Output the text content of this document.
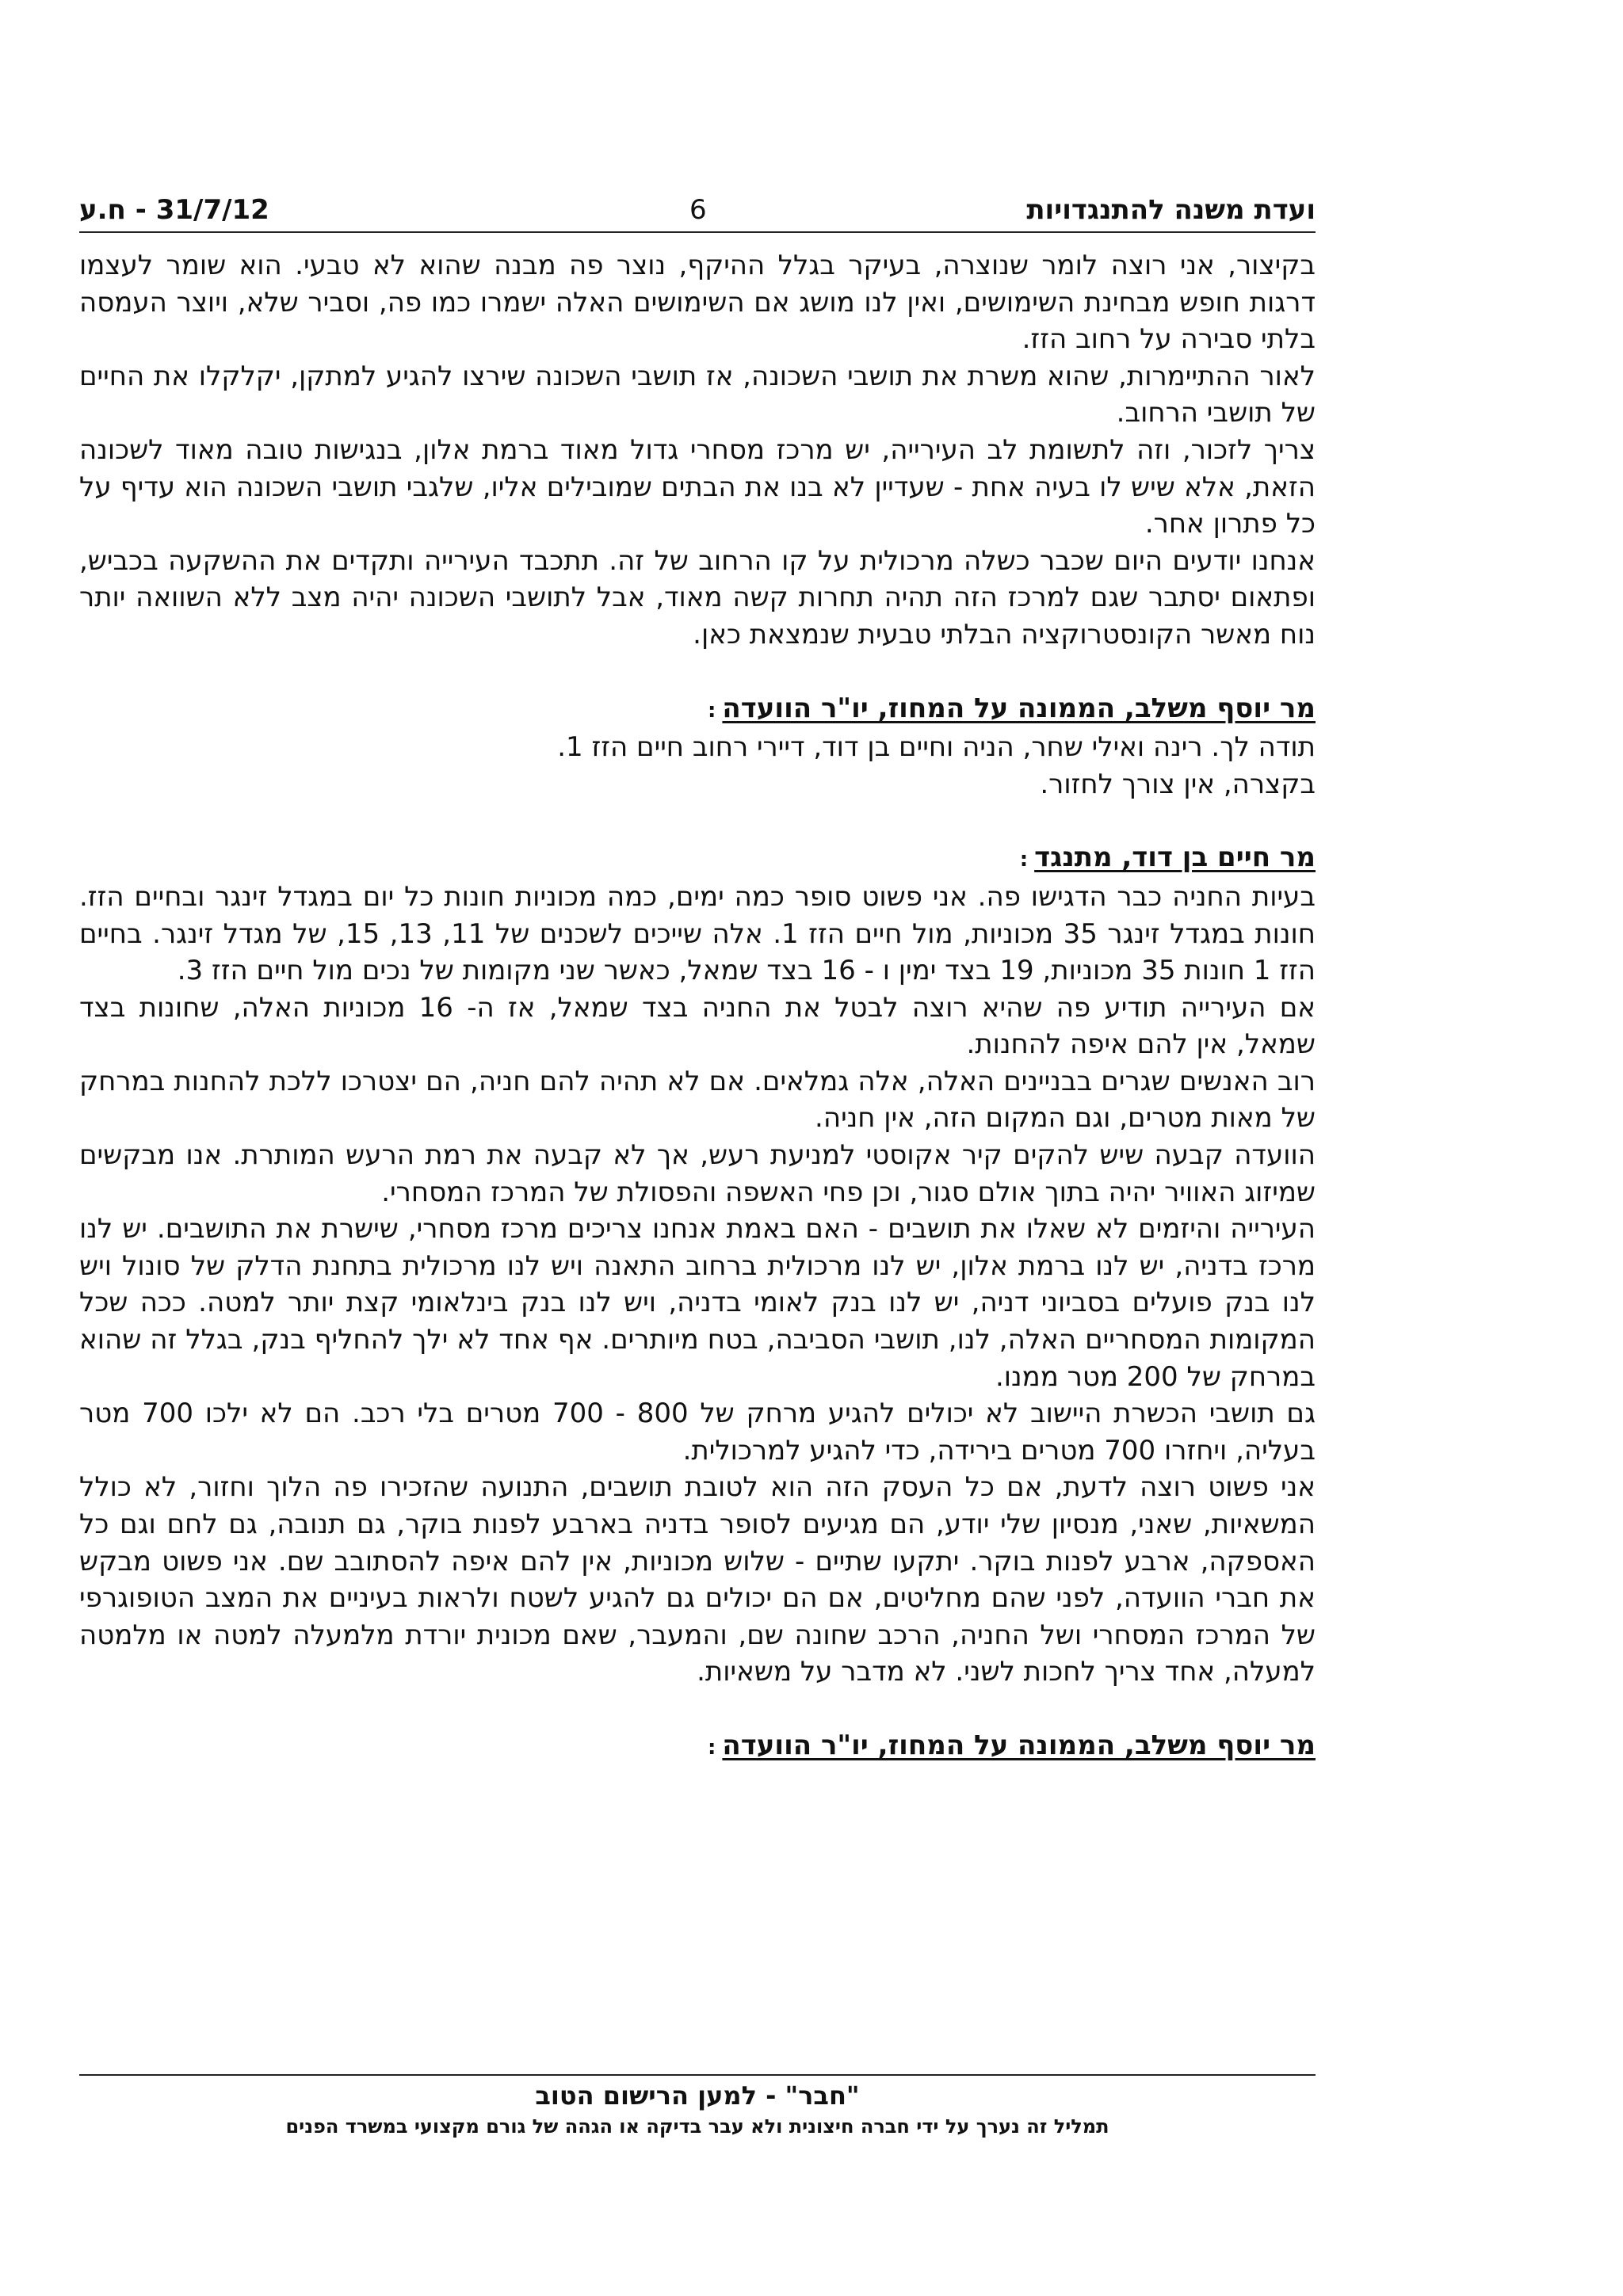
ועדת משנה להתנגדויות
6
31/7/12 - ח.ע

בקיצור, אני רוצה לומר שנוצרה, בעיקר בגלל ההיקף, נוצר פה מבנה שהוא לא טבעי. הוא שומר לעצמו דרגות חופש מבחינת השימושים, ואין לנו מושג אם השימושים האלה ישמרו כמו פה, וסביר שלא, ויוצר העמסה בלתי סבירה על רחוב הזז.

לאור ההתיימרות, שהוא משרת את תושבי השכונה, אז תושבי השכונה שירצו להגיע למתקן, יקלקלו את החיים של תושבי הרחוב.

צריך לזכור, וזה לתשומת לב העירייה, יש מרכז מסחרי גדול מאוד ברמת אלון, בנגישות טובה מאוד לשכונה הזאת, אלא שיש לו בעיה אחת - שעדיין לא בנו את הבתים שמובילים אליו, שלגבי תושבי השכונה הוא עדיף על כל פתרון אחר.

אנחנו יודעים היום שכבר כשלה מרכולית על קו הרחוב של זה. תתכבד העירייה ותקדים את ההשקעה בכביש, ופתאום יסתבר שגם למרכז הזה תהיה תחרות קשה מאוד, אבל לתושבי השכונה יהיה מצב ללא השוואה יותר נוח מאשר הקונסטרוקציה הבלתי טבעית שנמצאת כאן.

מר יוסף משלב, הממונה על המחוז, יו"ר הוועדה:

תודה לך. רינה ואילי שחר, הניה וחיים בן דוד, דיירי רחוב חיים הזז 1.

בקצרה, אין צורך לחזור.

מר חיים בן דוד, מתנגד:

בעיות החניה כבר הדגישו פה. אני פשוט סופר כמה ימים, כמה מכוניות חונות כל יום במגדל זינגר ובחיים הזז. חונות במגדל זינגר 35 מכוניות, מול חיים הזז 1. אלה שייכים לשכנים של 11, 13, 15, של מגדל זינגר. בחיים הזז 1 חונות 35 מכוניות, 19 בצד ימין ו - 16 בצד שמאל, כאשר שני מקומות של נכים מול חיים הזז 3.

אם העירייה תודיע פה שהיא רוצה לבטל את החניה בצד שמאל, אז ה- 16 מכוניות האלה, שחונות בצד שמאל, אין להם איפה להחנות.

רוב האנשים שגרים בבניינים האלה, אלה גמלאים. אם לא תהיה להם חניה, הם יצטרכו ללכת להחנות במרחק של מאות מטרים, וגם המקום הזה, אין חניה.

הוועדה קבעה שיש להקים קיר אקוסטי למניעת רעש, אך לא קבעה את רמת הרעש המותרת. אנו מבקשים שמיזוג האוויר יהיה בתוך אולם סגור, וכן פחי האשפה והפסולת של המרכז המסחרי.

העירייה והיזמים לא שאלו את תושבים - האם באמת אנחנו צריכים מרכז מסחרי, שישרת את התושבים. יש לנו מרכז בדניה, יש לנו ברמת אלון, יש לנו מרכולית ברחוב התאנה ויש לנו מרכולית בתחנת הדלק של סונול ויש לנו בנק פועלים בסביוני דניה, יש לנו בנק לאומי בדניה, ויש לנו בנק בינלאומי קצת יותר למטה. ככה שכל המקומות המסחריים האלה, לנו, תושבי הסביבה, בטח מיותרים. אף אחד לא ילך להחליף בנק, בגלל זה שהוא במרחק של 200 מטר ממנו.

גם תושבי הכשרת היישוב לא יכולים להגיע מרחק של 800 - 700 מטרים בלי רכב. הם לא ילכו 700 מטר בעליה, ויחזרו 700 מטרים בירידה, כדי להגיע למרכולית.

אני פשוט רוצה לדעת, אם כל העסק הזה הוא לטובת תושבים, התנועה שהזכירו פה הלוך וחזור, לא כולל המשאיות, שאני, מנסיון שלי יודע, הם מגיעים לסופר בדניה בארבע לפנות בוקר, גם תנובה, גם לחם וגם כל האספקה, ארבע לפנות בוקר. יתקעו שתיים - שלוש מכוניות, אין להם איפה להסתובב שם. אני פשוט מבקש את חברי הוועדה, לפני שהם מחליטים, אם הם יכולים גם להגיע לשטח ולראות בעיניים את המצב הטופוגרפי של המרכז המסחרי ושל החניה, הרכב שחונה שם, והמעבר, שאם מכונית יורדת מלמעלה למטה או מלמטה למעלה, אחד צריך לחכות לשני. לא מדבר על משאיות.

מר יוסף משלב, הממונה על המחוז, יו"ר הוועדה:

"חבר" - למען הרישום הטוב
תמליל זה נערך על ידי חברה חיצונית ולא עבר בדיקה או הגהה של גורם מקצועי במשרד הפנים
